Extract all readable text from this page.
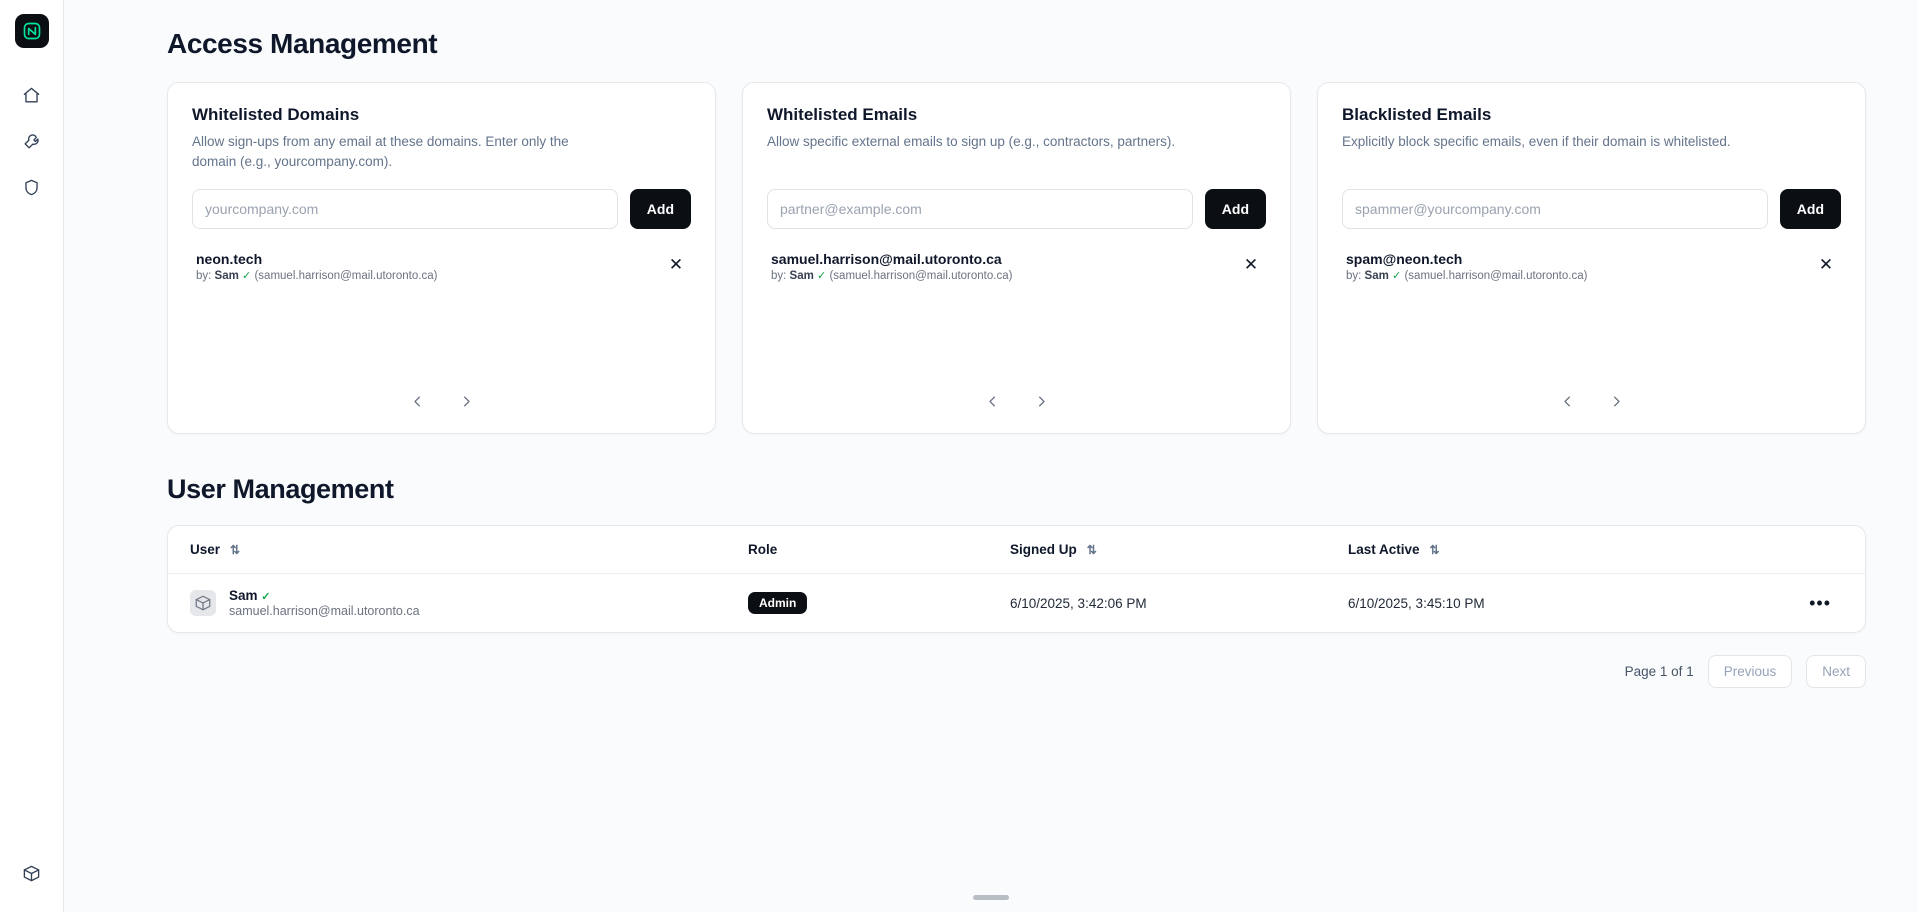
Access Management
Whitelisted Domains
Allow sign-ups from any email at these domains. Enter only the domain (e.g., yourcompany.com).
yourcompany.com
Add
neon.tech
by: Sam ✓ (samuel.harrison@mail.utoronto.ca)
✕
Whitelisted Emails
Allow specific external emails to sign up (e.g., contractors, partners).
partner@example.com
Add
samuel.harrison@mail.utoronto.ca
by: Sam ✓ (samuel.harrison@mail.utoronto.ca)
✕
Blacklisted Emails
Explicitly block specific emails, even if their domain is whitelisted.
spammer@yourcompany.com
Add
spam@neon.tech
by: Sam ✓ (samuel.harrison@mail.utoronto.ca)
✕
User Management
User ⇅	Role	Signed Up ⇅	Last Active ⇅	

Sam ✓
samuel.harrison@mail.utoronto.ca	Admin	6/10/2025, 3:42:06 PM	6/10/2025, 3:45:10 PM	•••
Page 1 of 1	Previous	Next
